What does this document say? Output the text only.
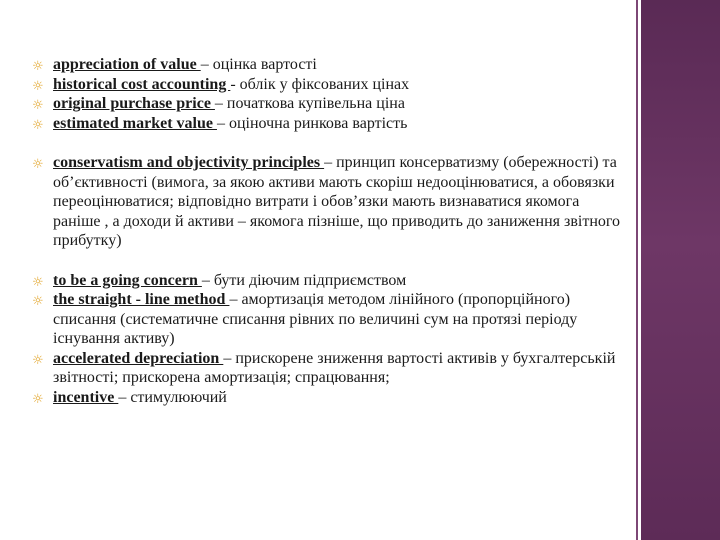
☼ appreciation of value – оцінка вартості
☼ historical cost accounting - облік у фіксованих цінах
☼ original purchase price – початкова купівельна ціна
☼ estimated market value – оціночна ринкова вартість
☼ conservatism and objectivity principles – принцип консерватизму (обережності) та об’єктивності (вимога, за якою активи мають скоріш недооцінюватися, а обовязки переоцінюватися; відповідно витрати і обов’язки мають визнаватися якомога раніше , а доходи й активи – якомога пізніше, що приводить до заниження звітного прибутку)
☼ to be a going concern – бути діючим підприємством
☼ the straight - line method – амортизація методом лінійного (пропорційного) списання (систематичне списання рівних по величині сум на протязі періоду існування активу)
☼ accelerated depreciation – прискорене зниження вартості активів у бухгалтерській звітності; прискорена амортизація; спрацювання;
☼ incentive – стимулюючий
